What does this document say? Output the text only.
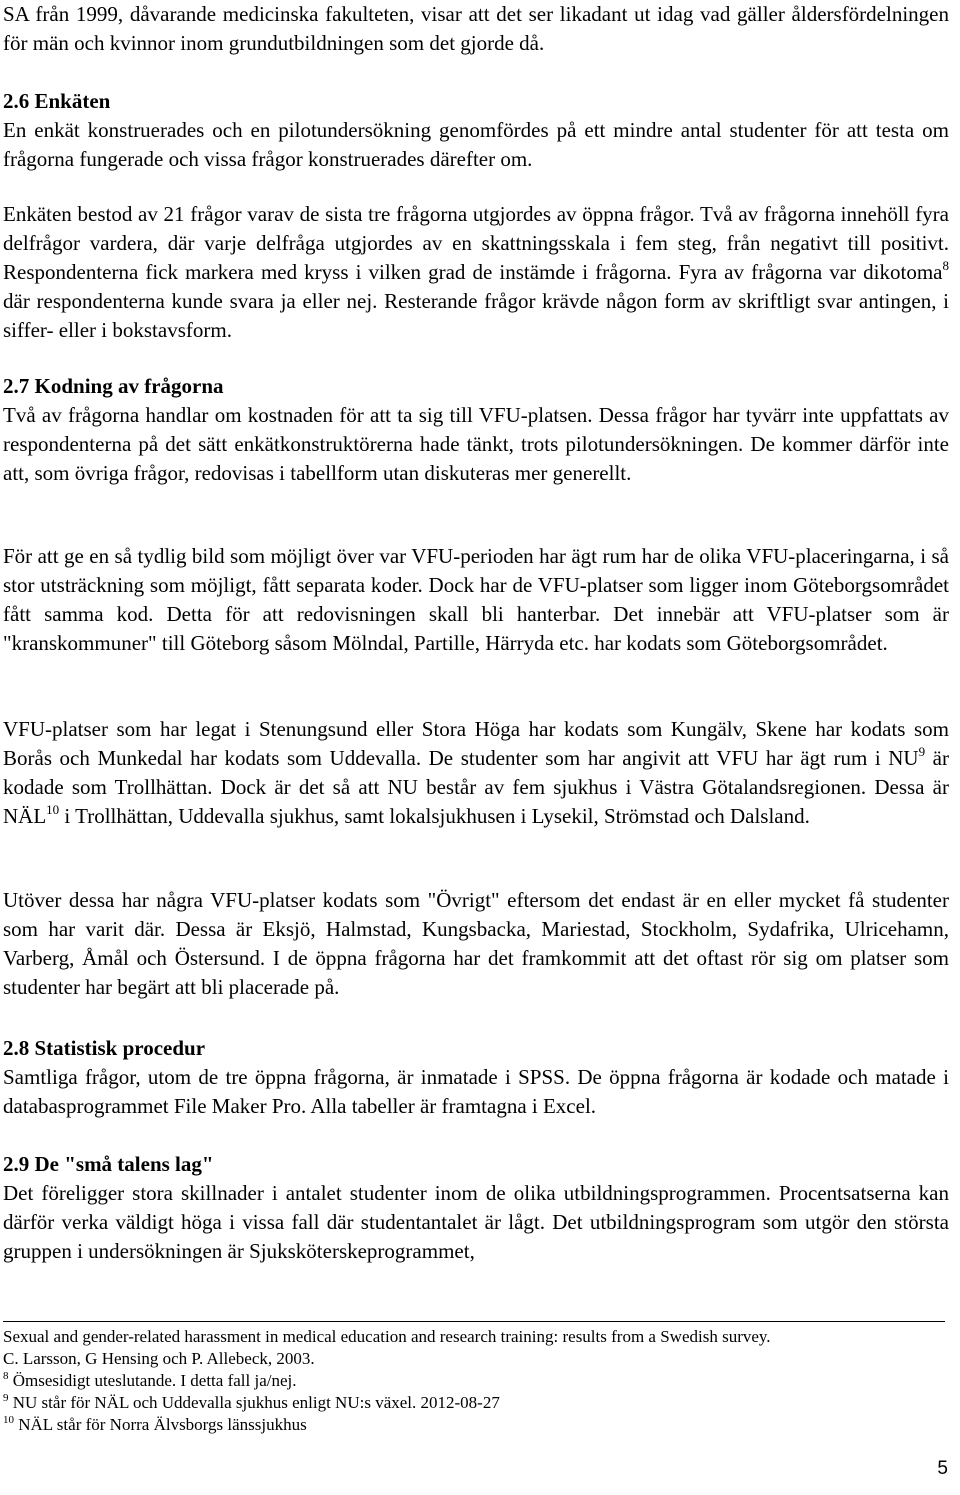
SA från 1999, dåvarande medicinska fakulteten, visar att det ser likadant ut idag vad gäller åldersfördelningen för män och kvinnor inom grundutbildningen som det gjorde då.

2.6 Enkäten

En enkät konstruerades och en pilotundersökning genomfördes på ett mindre antal studenter för att testa om frågorna fungerade och vissa frågor konstruerades därefter om.

Enkäten bestod av 21 frågor varav de sista tre frågorna utgjordes av öppna frågor. Två av frågorna innehöll fyra delfrågor vardera, där varje delfråga utgjordes av en skattningsskala i fem steg, från negativt till positivt. Respondenterna fick markera med kryss i vilken grad de instämde i frågorna. Fyra av frågorna var dikotoma$^8$ där respondenterna kunde svara ja eller nej. Resterande frågor krävde någon form av skriftligt svar antingen, i siffer- eller i bokstavsform.

2.7 Kodning av frågorna

Två av frågorna handlar om kostnaden för att ta sig till VFU-platsen. Dessa frågor har tyvärr inte uppfattats av respondenterna på det sätt enkätkonstruktörerna hade tänkt, trots pilotundersökningen. De kommer därför inte att, som övriga frågor, redovisas i tabellform utan diskuteras mer generellt.

För att ge en så tydlig bild som möjligt över var VFU-perioden har ägt rum har de olika VFU-placeringarna, i så stor utsträckning som möjligt, fått separata koder. Dock har de VFU-platser som ligger inom Göteborgsområdet fått samma kod. Detta för att redovisningen skall bli hanterbar. Det innebär att VFU-platser som är "kranskommuner" till Göteborg såsom Mölndal, Partille, Härryda etc. har kodats som Göteborgsområdet.

VFU-platser som har legat i Stenungsund eller Stora Höga har kodats som Kungälv, Skene har kodats som Borås och Munkedal har kodats som Uddevalla. De studenter som har angivit att VFU har ägt rum i $NU^9$ är kodade som Trollhättan. Dock är det så att NU består av fem sjukhus i Västra Götalandsregionen. Dessa är NÄL$^{10}$ i Trollhättan, Uddevalla sjukhus, samt lokalsjukhusen i Lysekil, Strömstad och Dalsland.

Utöver dessa har några VFU-platser kodats som "Övrigt" eftersom det endast är en eller mycket få studenter som har varit där. Dessa är Eksjö, Halmstad, Kungsbacka, Mariestad, Stockholm, Sydafrika, Ulricehamn, Varberg, Åmål och Östersund. I de öppna frågorna har det framkommit att det oftast rör sig om platser som studenter har begärt att bli placerade på.

2.8 Statistisk procedur

Samtliga frågor, utom de tre öppna frågorna, är inmatade i SPSS. De öppna frågorna är kodade och matade i databasprogrammet File Maker Pro. Alla tabeller är framtagna i Excel.

2.9 De "små talens lag"

Det föreligger stora skillnader i antalet studenter inom de olika utbildningsprogrammen. Procentsatserna kan därför verka väldigt höga i vissa fall där studentantalet är lågt. Det utbildningsprogram som utgör den största gruppen i undersökningen är Sjuksköterskeprogrammet,

Sexual and gender-related harassment in medical education and research training: results from a Swedish survey.
C. Larsson, G Hensing och P. Allebeck, 2003.

$^8$ Ömsesidigt uteslutande. I detta fall ja/nej.

$^9$ NU står för NÄL och Uddevalla sjukhus enligt NU:s växel. 2012-08-27

$^{10}$ NÄL står för Norra Älvsborgs länssjukhus

5
